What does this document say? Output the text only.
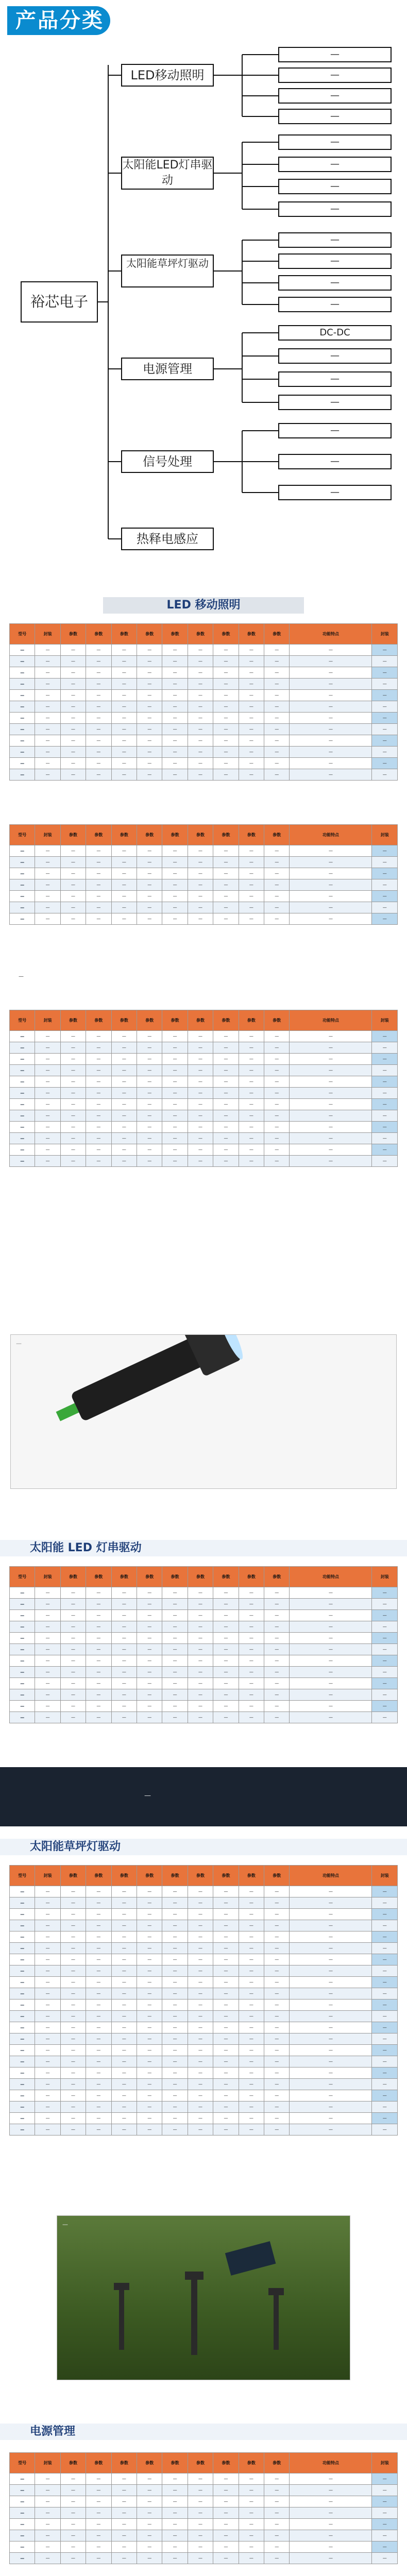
产品分类
裕芯电子
LED移动照明
太阳能LED灯串驱动
太阳能草坪灯驱动
电源管理
信号处理
热释电感应
—
—
—
—
—
—
—
—
—
—
—
—
DC-DC
—
—
—
—
—
—
LED 移动照明
型号	封装	参数	参数	参数	参数	参数	参数	参数	参数	参数	功能特点	封装
—	—	—	—	—	—	—	—	—	—	—	—	—
—	—	—	—	—	—	—	—	—	—	—	—	—
—	—	—	—	—	—	—	—	—	—	—	—	—
—	—	—	—	—	—	—	—	—	—	—	—	—
—	—	—	—	—	—	—	—	—	—	—	—	—
—	—	—	—	—	—	—	—	—	—	—	—	—
—	—	—	—	—	—	—	—	—	—	—	—	—
—	—	—	—	—	—	—	—	—	—	—	—	—
—	—	—	—	—	—	—	—	—	—	—	—	—
—	—	—	—	—	—	—	—	—	—	—	—	—
—	—	—	—	—	—	—	—	—	—	—	—	—
—	—	—	—	—	—	—	—	—	—	—	—	—
型号	封装	参数	参数	参数	参数	参数	参数	参数	参数	参数	功能特点	封装
—	—	—	—	—	—	—	—	—	—	—	—	—
—	—	—	—	—	—	—	—	—	—	—	—	—
—	—	—	—	—	—	—	—	—	—	—	—	—
—	—	—	—	—	—	—	—	—	—	—	—	—
—	—	—	—	—	—	—	—	—	—	—	—	—
—	—	—	—	—	—	—	—	—	—	—	—	—
—	—	—	—	—	—	—	—	—	—	—	—	—
—
型号	封装	参数	参数	参数	参数	参数	参数	参数	参数	参数	功能特点	封装
—	—	—	—	—	—	—	—	—	—	—	—	—
—	—	—	—	—	—	—	—	—	—	—	—	—
—	—	—	—	—	—	—	—	—	—	—	—	—
—	—	—	—	—	—	—	—	—	—	—	—	—
—	—	—	—	—	—	—	—	—	—	—	—	—
—	—	—	—	—	—	—	—	—	—	—	—	—
—	—	—	—	—	—	—	—	—	—	—	—	—
—	—	—	—	—	—	—	—	—	—	—	—	—
—	—	—	—	—	—	—	—	—	—	—	—	—
—	—	—	—	—	—	—	—	—	—	—	—	—
—	—	—	—	—	—	—	—	—	—	—	—	—
—	—	—	—	—	—	—	—	—	—	—	—	—
—
太阳能 LED 灯串驱动
型号	封装	参数	参数	参数	参数	参数	参数	参数	参数	参数	功能特点	封装
—	—	—	—	—	—	—	—	—	—	—	—	—
—	—	—	—	—	—	—	—	—	—	—	—	—
—	—	—	—	—	—	—	—	—	—	—	—	—
—	—	—	—	—	—	—	—	—	—	—	—	—
—	—	—	—	—	—	—	—	—	—	—	—	—
—	—	—	—	—	—	—	—	—	—	—	—	—
—	—	—	—	—	—	—	—	—	—	—	—	—
—	—	—	—	—	—	—	—	—	—	—	—	—
—	—	—	—	—	—	—	—	—	—	—	—	—
—	—	—	—	—	—	—	—	—	—	—	—	—
—	—	—	—	—	—	—	—	—	—	—	—	—
—	—	—	—	—	—	—	—	—	—	—	—	—
—
太阳能草坪灯驱动
型号	封装	参数	参数	参数	参数	参数	参数	参数	参数	参数	功能特点	封装
—	—	—	—	—	—	—	—	—	—	—	—	—
—	—	—	—	—	—	—	—	—	—	—	—	—
—	—	—	—	—	—	—	—	—	—	—	—	—
—	—	—	—	—	—	—	—	—	—	—	—	—
—	—	—	—	—	—	—	—	—	—	—	—	—
—	—	—	—	—	—	—	—	—	—	—	—	—
—	—	—	—	—	—	—	—	—	—	—	—	—
—	—	—	—	—	—	—	—	—	—	—	—	—
—	—	—	—	—	—	—	—	—	—	—	—	—
—	—	—	—	—	—	—	—	—	—	—	—	—
—	—	—	—	—	—	—	—	—	—	—	—	—
—	—	—	—	—	—	—	—	—	—	—	—	—
—	—	—	—	—	—	—	—	—	—	—	—	—
—	—	—	—	—	—	—	—	—	—	—	—	—
—	—	—	—	—	—	—	—	—	—	—	—	—
—	—	—	—	—	—	—	—	—	—	—	—	—
—	—	—	—	—	—	—	—	—	—	—	—	—
—	—	—	—	—	—	—	—	—	—	—	—	—
—	—	—	—	—	—	—	—	—	—	—	—	—
—	—	—	—	—	—	—	—	—	—	—	—	—
—	—	—	—	—	—	—	—	—	—	—	—	—
—	—	—	—	—	—	—	—	—	—	—	—	—
—
电源管理
型号	封装	参数	参数	参数	参数	参数	参数	参数	参数	参数	功能特点	封装
—	—	—	—	—	—	—	—	—	—	—	—	—
—	—	—	—	—	—	—	—	—	—	—	—	—
—	—	—	—	—	—	—	—	—	—	—	—	—
—	—	—	—	—	—	—	—	—	—	—	—	—
—	—	—	—	—	—	—	—	—	—	—	—	—
—	—	—	—	—	—	—	—	—	—	—	—	—
—	—	—	—	—	—	—	—	—	—	—	—	—
—	—	—	—	—	—	—	—	—	—	—	—	—
